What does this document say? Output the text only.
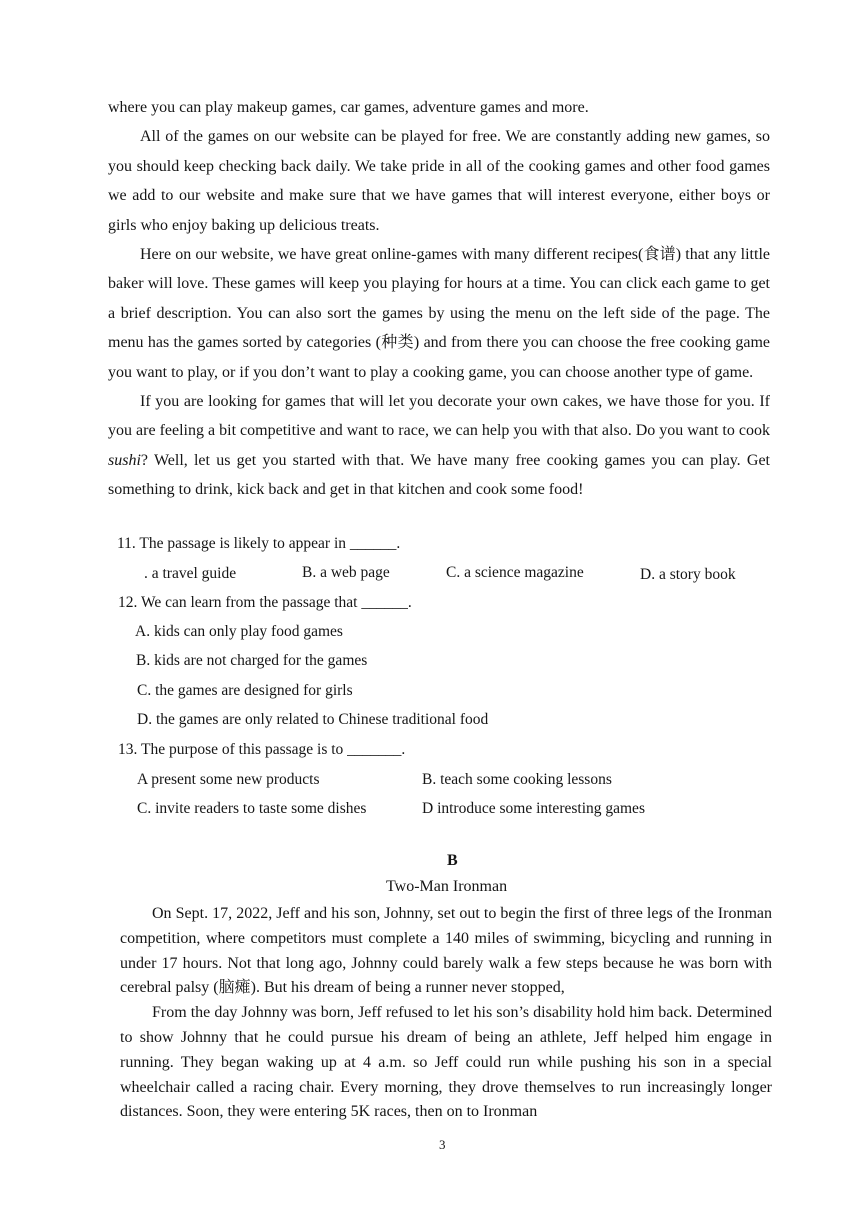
where you can play makeup games, car games, adventure games and more.

All of the games on our website can be played for free. We are constantly adding new games, so you should keep checking back daily. We take pride in all of the cooking games and other food games we add to our website and make sure that we have games that will interest everyone, either boys or girls who enjoy baking up delicious treats.

Here on our website, we have great online-games with many different recipes(食谱) that any little baker will love. These games will keep you playing for hours at a time. You can click each game to get a brief description. You can also sort the games by using the menu on the left side of the page. The menu has the games sorted by categories (种类) and from there you can choose the free cooking game you want to play, or if you don’t want to play a cooking game, you can choose another type of game.

If you are looking for games that will let you decorate your own cakes, we have those for you. If you are feeling a bit competitive and want to race, we can help you with that also. Do you want to cook sushi? Well, let us get you started with that. We have many free cooking games you can play. Get something to drink, kick back and get in that kitchen and cook some food!

11. The passage is likely to appear in ______.
. a travel guide	B. a web page	C. a science magazine	D. a story book
12. We can learn from the passage that ______.
A. kids can only play food games
B. kids are not charged for the games
C. the games are designed for girls
D. the games are only related to Chinese traditional food
13. The purpose of this passage is to _______.
A present some new products	B. teach some cooking lessons
C. invite readers to taste some dishes	D introduce some interesting games
B
Two-Man Ironman

On Sept. 17, 2022, Jeff and his son, Johnny, set out to begin the first of three legs of the Ironman competition, where competitors must complete a 140 miles of swimming, bicycling and running in under 17 hours. Not that long ago, Johnny could barely walk a few steps because he was born with cerebral palsy (脑瘫). But his dream of being a runner never stopped,

From the day Johnny was born, Jeff refused to let his son’s disability hold him back. Determined to show Johnny that he could pursue his dream of being an athlete, Jeff helped him engage in running. They began waking up at 4 a.m. so Jeff could run while pushing his son in a special wheelchair called a racing chair. Every morning, they drove themselves to run increasingly longer distances. Soon, they were entering 5K races, then on to Ironman

3
